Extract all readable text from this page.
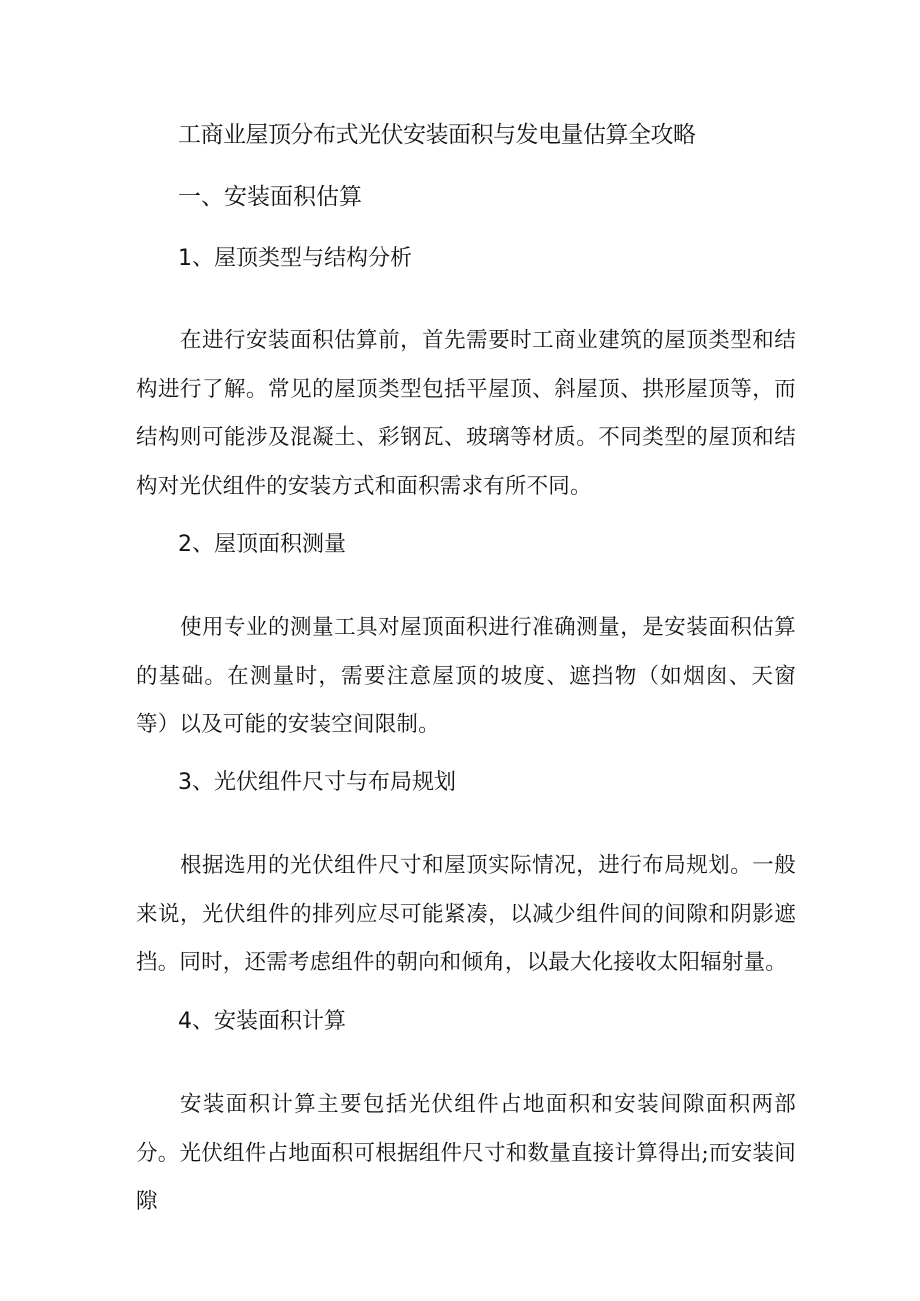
工商业屋顶分布式光伏安装面积与发电量估算全攻略
一、安装面积估算
1、屋顶类型与结构分析

在进行安装面积估算前，首先需要时工商业建筑的屋顶类型和结构进行了解。常见的屋顶类型包括平屋顶、斜屋顶、拱形屋顶等，而结构则可能涉及混凝土、彩钢瓦、玻璃等材质。不同类型的屋顶和结构对光伏组件的安装方式和面积需求有所不同。

2、屋顶面积测量

使用专业的测量工具对屋顶面积进行准确测量，是安装面积估算的基础。在测量时，需要注意屋顶的坡度、遮挡物（如烟囱、天窗等）以及可能的安装空间限制。

3、光伏组件尺寸与布局规划

根据选用的光伏组件尺寸和屋顶实际情况，进行布局规划。一般来说，光伏组件的排列应尽可能紧凑，以减少组件间的间隙和阴影遮挡。同时，还需考虑组件的朝向和倾角，以最大化接收太阳辐射量。

4、安装面积计算

安装面积计算主要包括光伏组件占地面积和安装间隙面积两部分。光伏组件占地面积可根据组件尺寸和数量直接计算得出;而安装间隙
